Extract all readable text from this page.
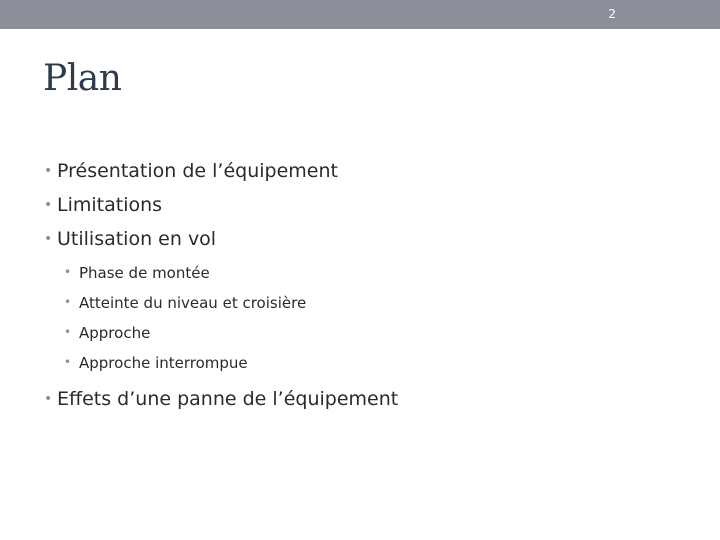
2
Plan
• Présentation de l’équipement
• Limitations
• Utilisation en vol
• Phase de montée
• Atteinte du niveau et croisière
• Approche
• Approche interrompue
• Effets d’une panne de l’équipement
